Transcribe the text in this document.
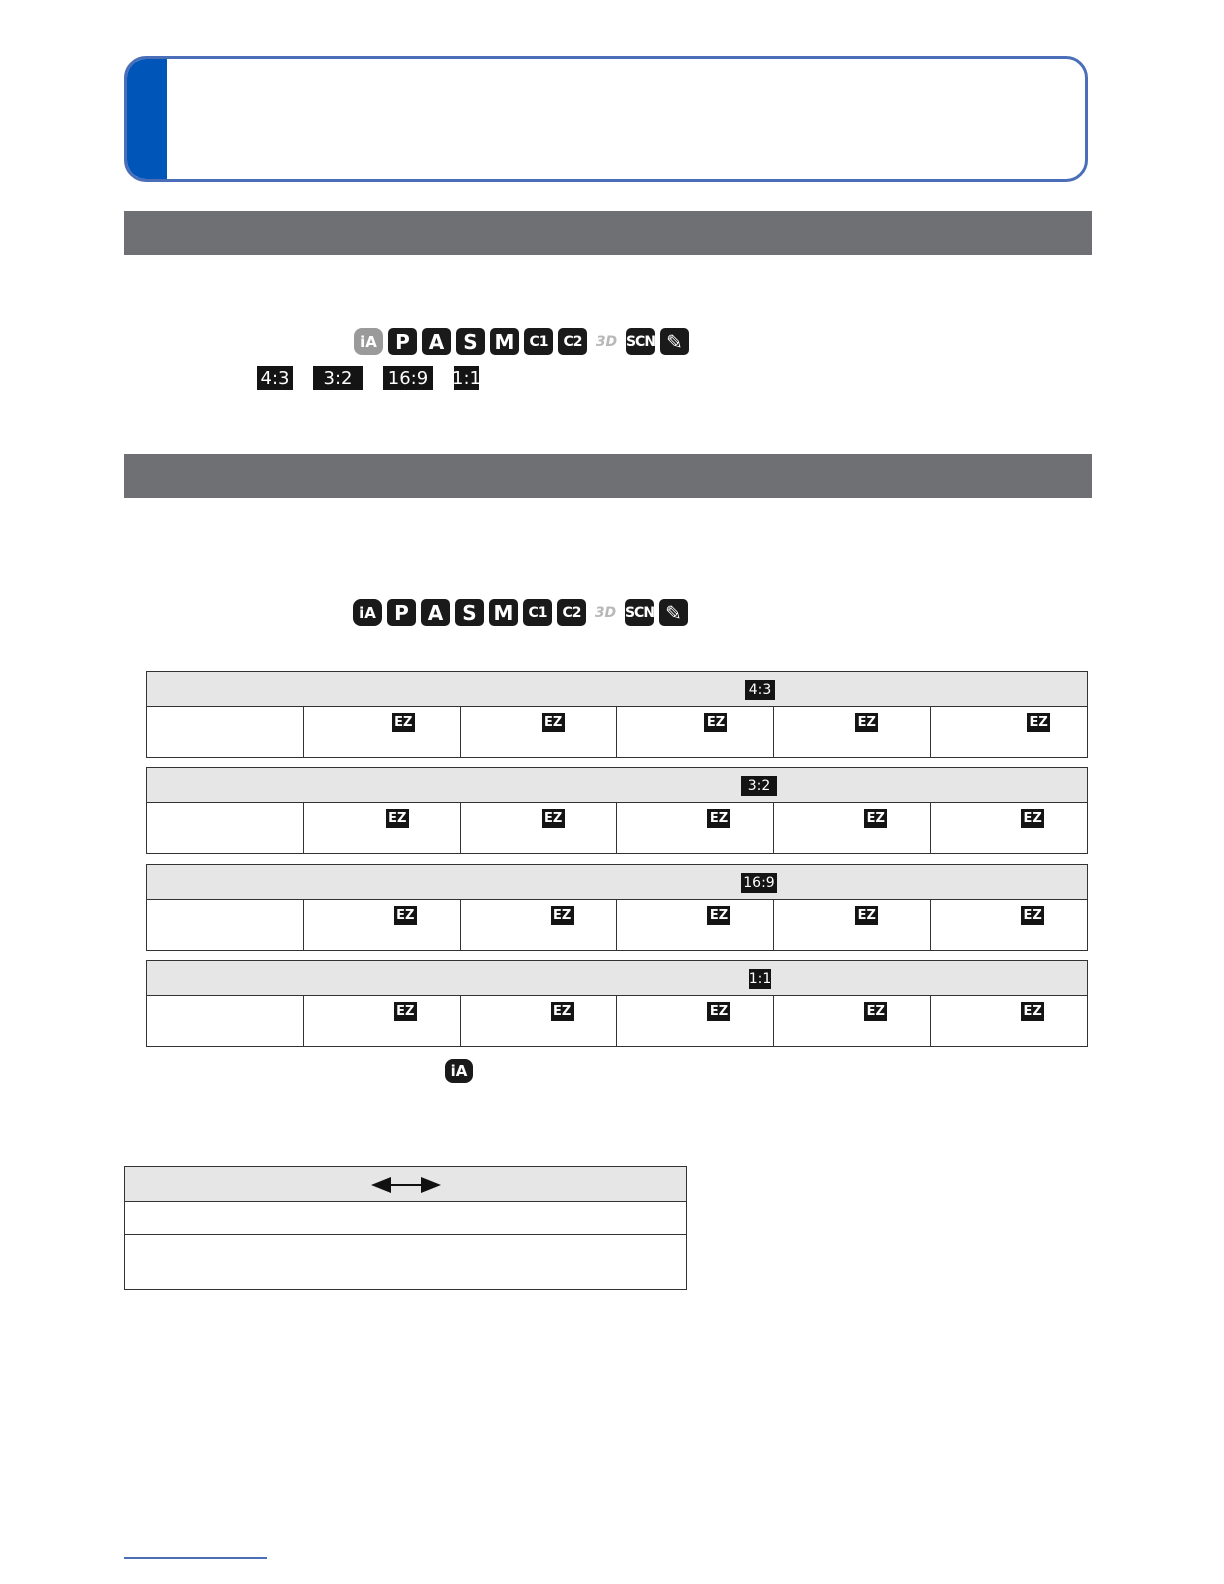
iA P A S M	C1	C2	3D SCN ✎
4:3	3:2	16:9 1:1
iA P A S M	C1	C2	3D SCN ✎
4:3

EZ	EZ	EZ	EZ	EZ
3:2

EZ	EZ	EZ	EZ	EZ
16:9

EZ	EZ	EZ	EZ	EZ
1:1

EZ	EZ	EZ	EZ	EZ
iA
